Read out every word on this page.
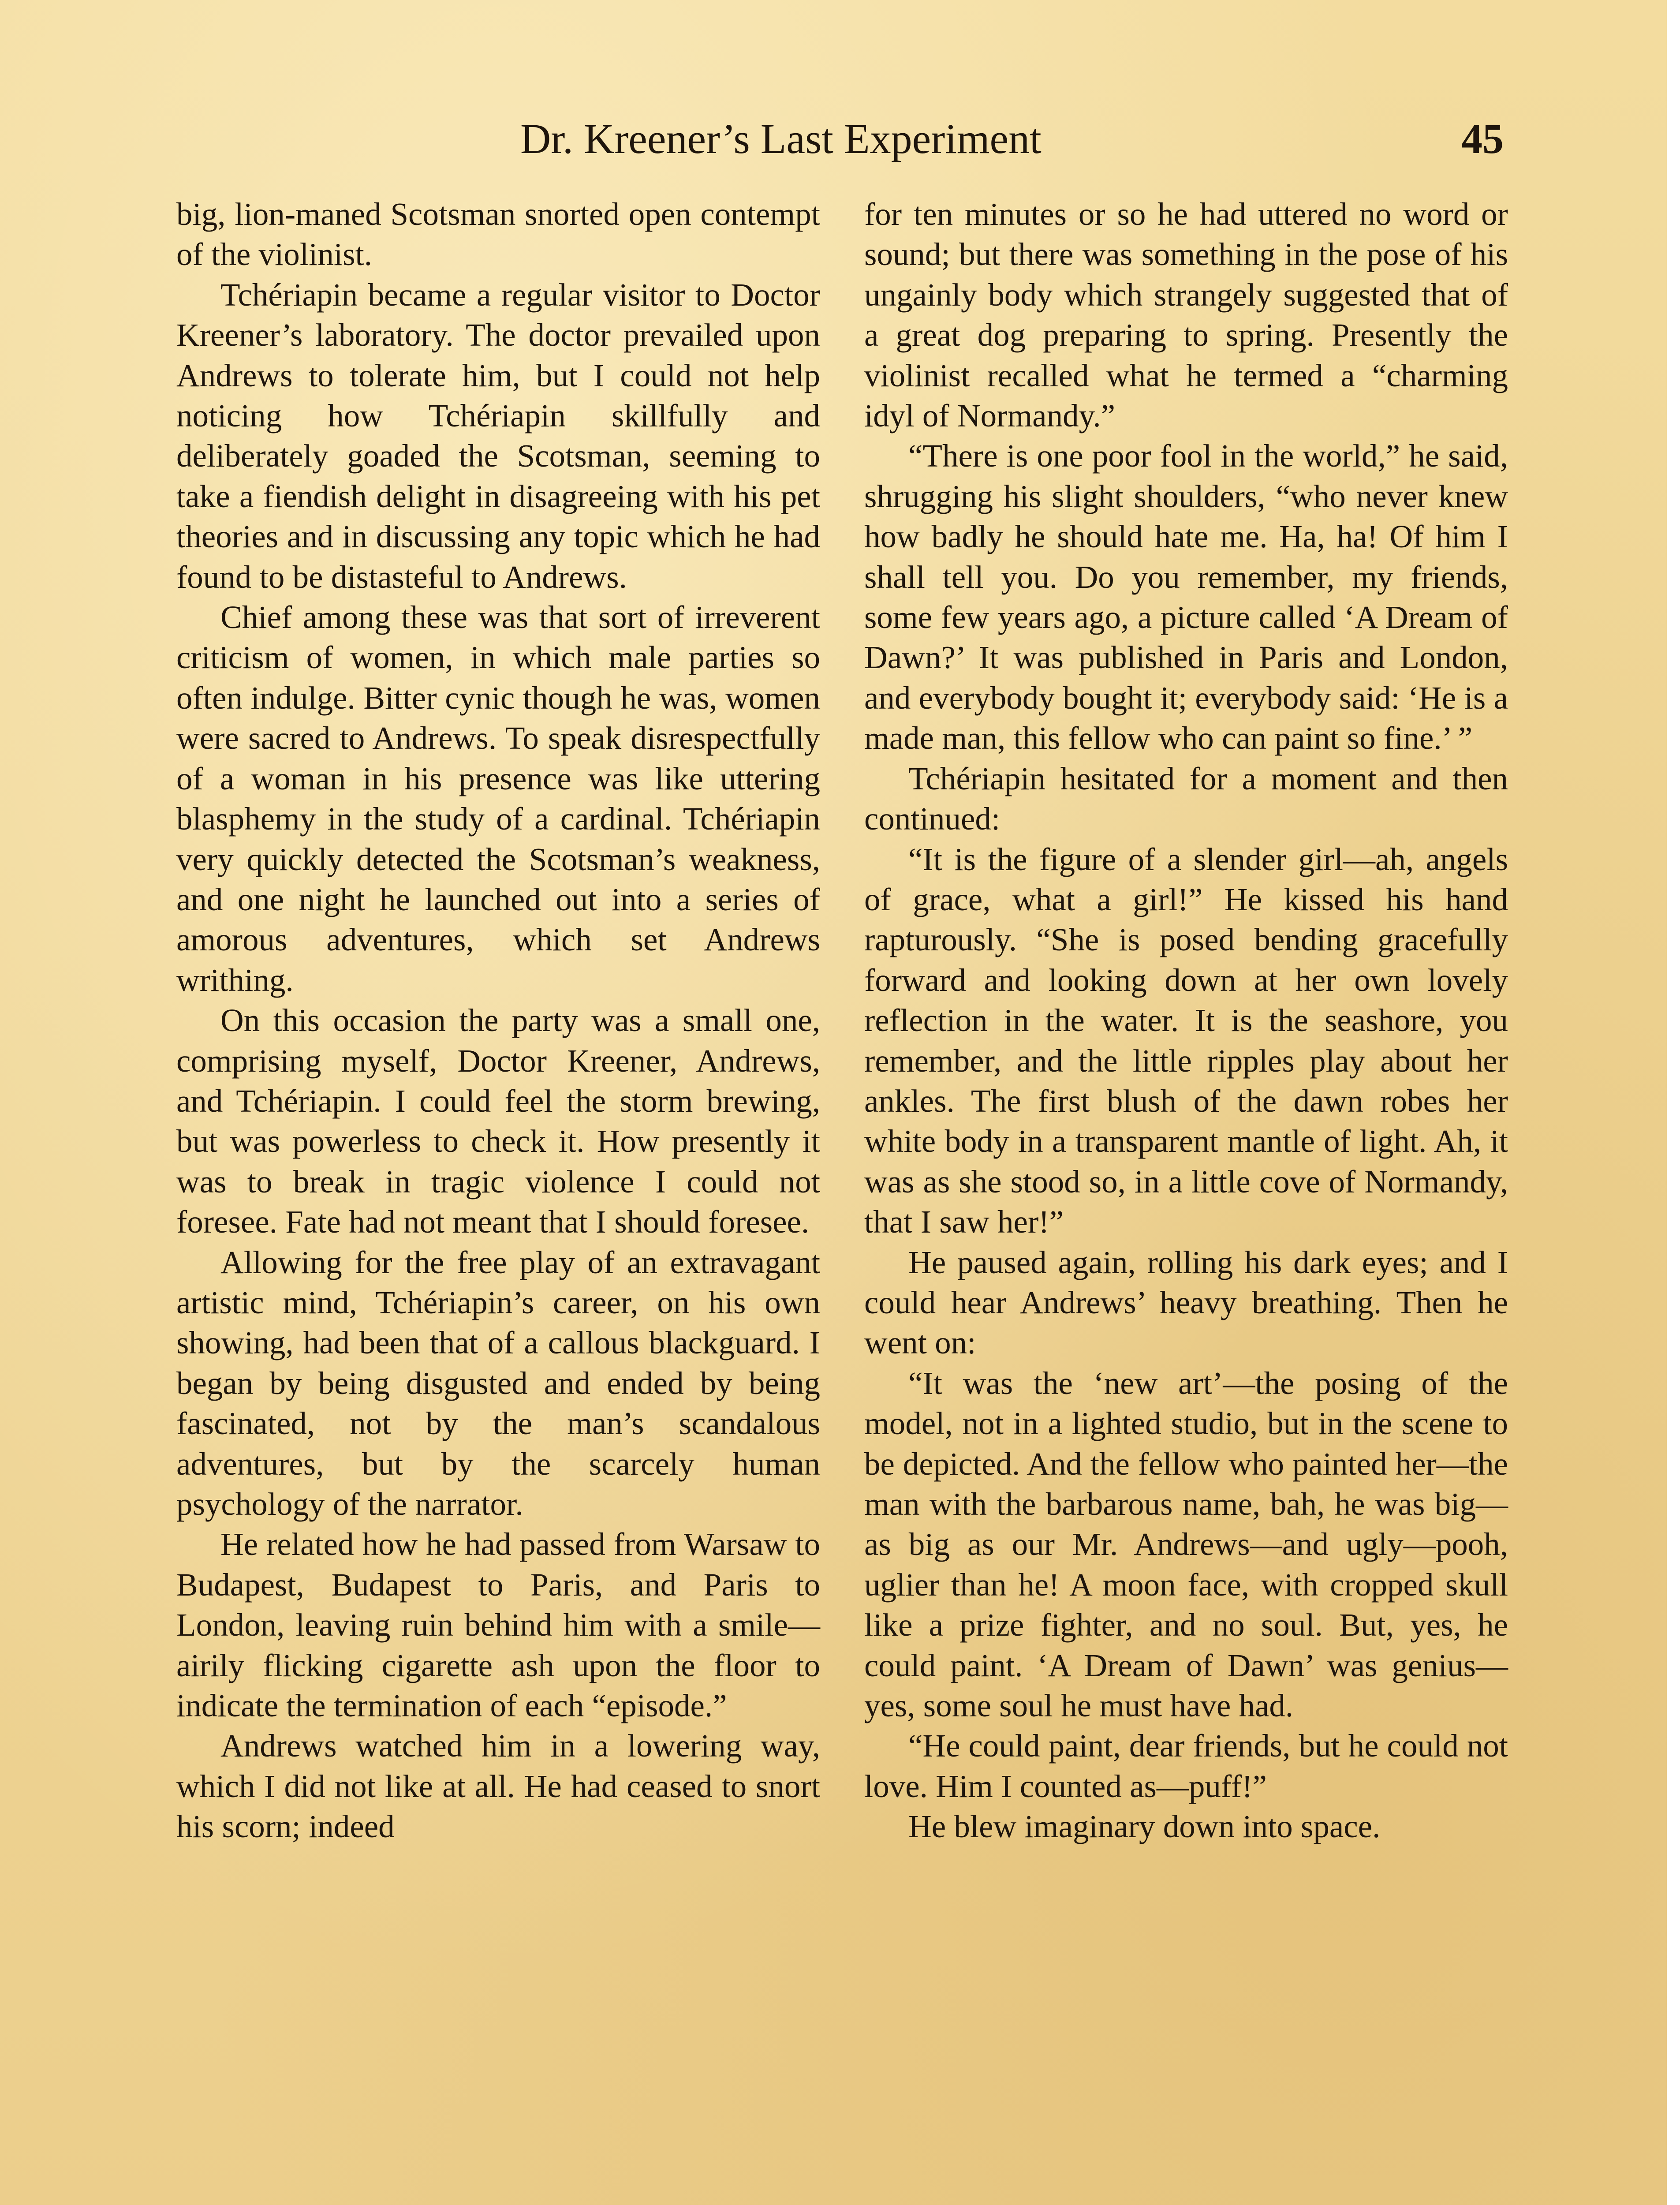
Dr. Kreener’s Last Experiment	45

big, lion-maned Scotsman snorted open contempt of the violinist.

Tchériapin became a regular visitor to Doctor Kreener’s laboratory. The doctor prevailed upon Andrews to tolerate him, but I could not help noticing how Tchériapin skillfully and deliberately goaded the Scotsman, seeming to take a fiendish delight in disagreeing with his pet theories and in discussing any topic which he had found to be distasteful to Andrews.

Chief among these was that sort of irreverent criticism of women, in which male parties so often indulge. Bitter cynic though he was, women were sacred to Andrews. To speak disrespectfully of a woman in his presence was like uttering blasphemy in the study of a cardinal. Tchériapin very quickly detected the Scotsman’s weakness, and one night he launched out into a series of amorous adventures, which set Andrews writhing.

On this occasion the party was a small one, comprising myself, Doctor Kreener, Andrews, and Tchériapin. I could feel the storm brewing, but was powerless to check it. How presently it was to break in tragic violence I could not foresee. Fate had not meant that I should foresee.

Allowing for the free play of an extravagant artistic mind, Tchériapin’s career, on his own showing, had been that of a callous blackguard. I began by being disgusted and ended by being fascinated, not by the man’s scandalous adventures, but by the scarcely human psychology of the narrator.

He related how he had passed from Warsaw to Budapest, Budapest to Paris, and Paris to London, leaving ruin behind him with a smile—airily flicking cigarette ash upon the floor to indicate the termination of each “episode.”

Andrews watched him in a lowering way, which I did not like at all. He had ceased to snort his scorn; indeed

for ten minutes or so he had uttered no word or sound; but there was something in the pose of his ungainly body which strangely suggested that of a great dog preparing to spring. Presently the violinist recalled what he termed a “charming idyl of Normandy.”

“There is one poor fool in the world,” he said, shrugging his slight shoulders, “who never knew how badly he should hate me. Ha, ha! Of him I shall tell you. Do you remember, my friends, some few years ago, a picture called ‘A Dream of Dawn?’ It was published in Paris and London, and everybody bought it; everybody said: ‘He is a made man, this fellow who can paint so fine.’ ”

Tchériapin hesitated for a moment and then continued:

“It is the figure of a slender girl—ah, angels of grace, what a girl!” He kissed his hand rapturously. “She is posed bending gracefully forward and looking down at her own lovely reflection in the water. It is the seashore, you remember, and the little ripples play about her ankles. The first blush of the dawn robes her white body in a transparent mantle of light. Ah, it was as she stood so, in a little cove of Normandy, that I saw her!”

He paused again, rolling his dark eyes; and I could hear Andrews’ heavy breathing. Then he went on:

“It was the ‘new art’—the posing of the model, not in a lighted studio, but in the scene to be depicted. And the fellow who painted her—the man with the barbarous name, bah, he was big—as big as our Mr. Andrews—and ugly—pooh, uglier than he! A moon face, with cropped skull like a prize fighter, and no soul. But, yes, he could paint. ‘A Dream of Dawn’ was genius—yes, some soul he must have had.

“He could paint, dear friends, but he could not love. Him I counted as—puff!”

He blew imaginary down into space.
